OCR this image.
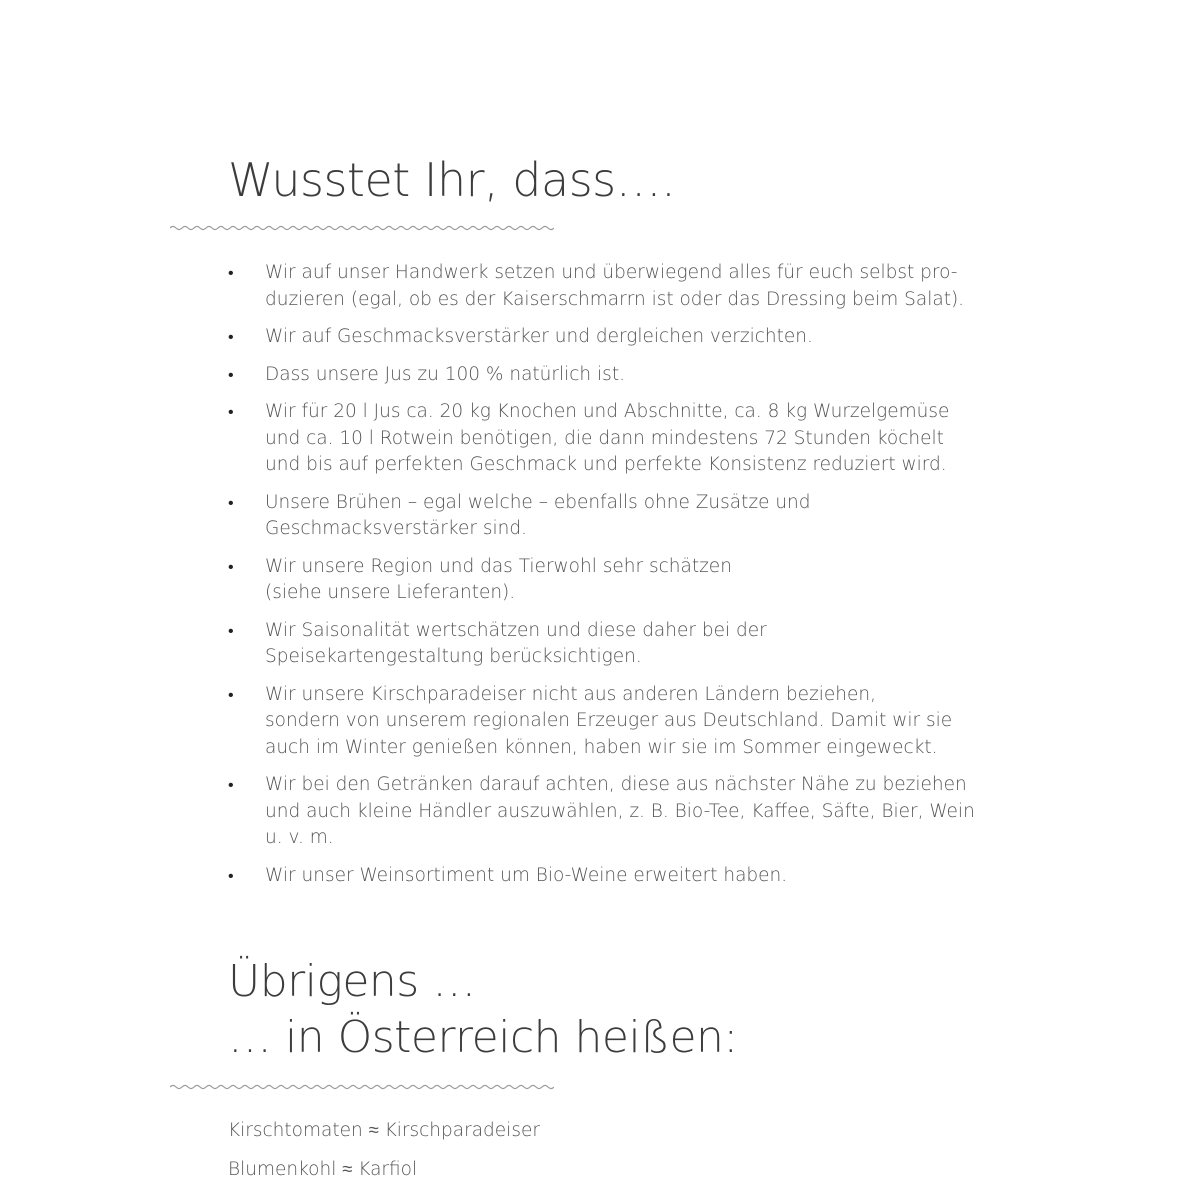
Wusstet Ihr, dass….
• Wir auf unser Handwerk setzen und überwiegend alles für euch selbst pro-
duzieren (egal, ob es der Kaiserschmarrn ist oder das Dressing beim Salat).
• Wir auf Geschmacksverstärker und dergleichen verzichten.
• Dass unsere Jus zu 100 % natürlich ist.
• Wir für 20 l Jus ca. 20 kg Knochen und Abschnitte, ca. 8 kg Wurzelgemüse
und ca. 10 l Rotwein benötigen, die dann mindestens 72 Stunden köchelt
und bis auf perfekten Geschmack und perfekte Konsistenz reduziert wird.
• Unsere Brühen – egal welche – ebenfalls ohne Zusätze und
Geschmacksverstärker sind.
• Wir unsere Region und das Tierwohl sehr schätzen
(siehe unsere Lieferanten).
• Wir Saisonalität wertschätzen und diese daher bei der
Speisekartengestaltung berücksichtigen.
• Wir unsere Kirschparadeiser nicht aus anderen Ländern beziehen,
sondern von unserem regionalen Erzeuger aus Deutschland. Damit wir sie
auch im Winter genießen können, haben wir sie im Sommer eingeweckt.
• Wir bei den Getränken darauf achten, diese aus nächster Nähe zu beziehen
und auch kleine Händler auszuwählen, z. B. Bio-Tee, Kaffee, Säfte, Bier, Wein
u. v. m.
• Wir unser Weinsortiment um Bio-Weine erweitert haben.
Übrigens …
… in Österreich heißen:
Kirschtomaten ≈ Kirschparadeiser
Blumenkohl ≈ Karfiol
